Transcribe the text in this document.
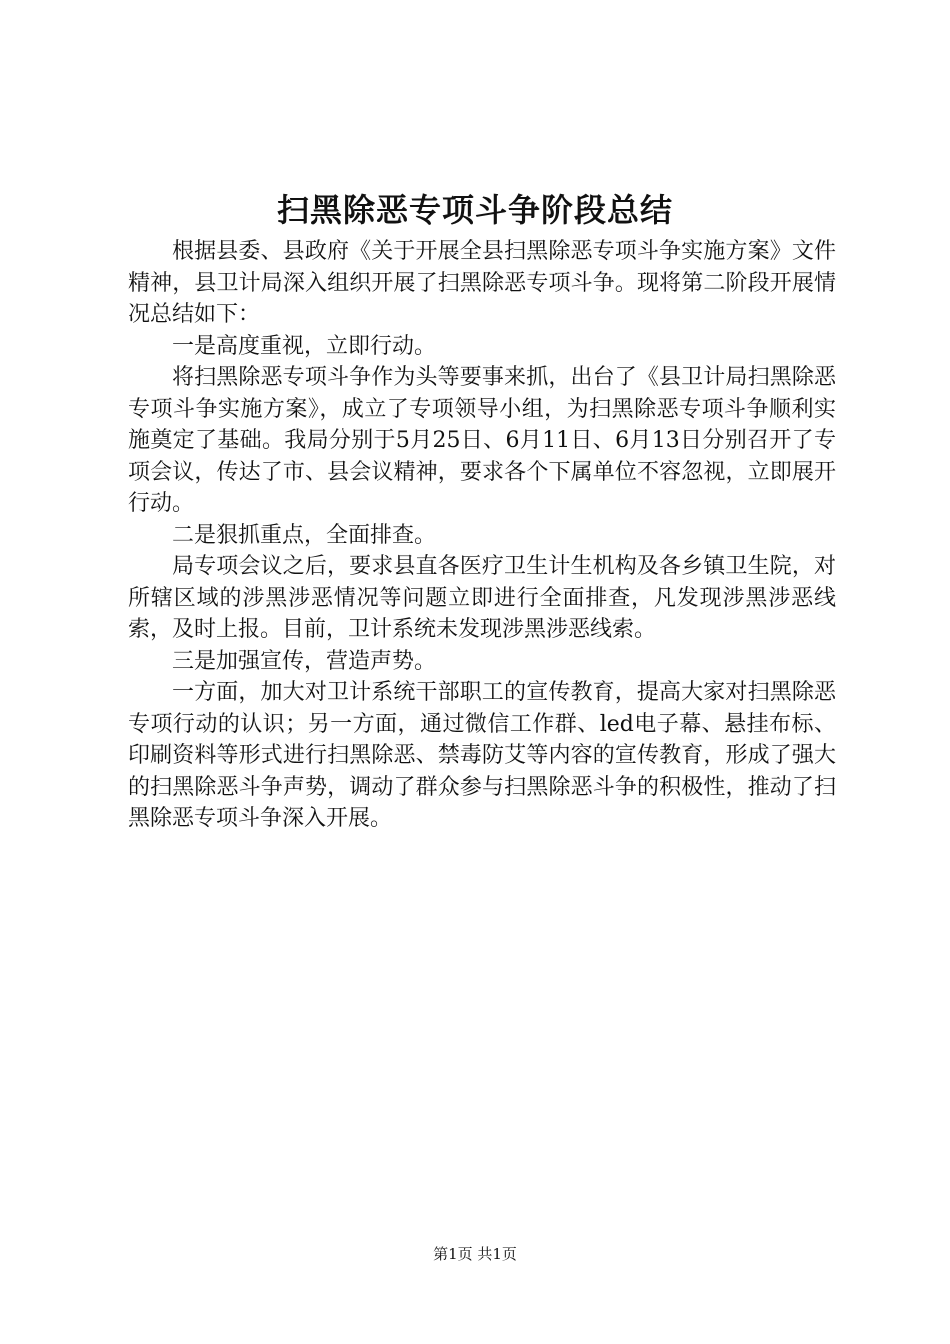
扫黑除恶专项斗争阶段总结

根据县委、县政府《关于开展全县扫黑除恶专项斗争实施方案》文件精神，县卫计局深入组织开展了扫黑除恶专项斗争。现将第二阶段开展情况总结如下：

一是高度重视，立即行动。

将扫黑除恶专项斗争作为头等要事来抓，出台了《县卫计局扫黑除恶专项斗争实施方案》，成立了专项领导小组，为扫黑除恶专项斗争顺利实施奠定了基础。我局分别于5月25日、6月11日、6月13日分别召开了专项会议，传达了市、县会议精神，要求各个下属单位不容忽视，立即展开行动。

二是狠抓重点，全面排查。

局专项会议之后，要求县直各医疗卫生计生机构及各乡镇卫生院，对所辖区域的涉黑涉恶情况等问题立即进行全面排查，凡发现涉黑涉恶线索，及时上报。目前，卫计系统未发现涉黑涉恶线索。

三是加强宣传，营造声势。

一方面，加大对卫计系统干部职工的宣传教育，提高大家对扫黑除恶专项行动的认识；另一方面，通过微信工作群、led电子幕、悬挂布标、印刷资料等形式进行扫黑除恶、禁毒防艾等内容的宣传教育，形成了强大的扫黑除恶斗争声势，调动了群众参与扫黑除恶斗争的积极性，推动了扫黑除恶专项斗争深入开展。

第1页 共1页
